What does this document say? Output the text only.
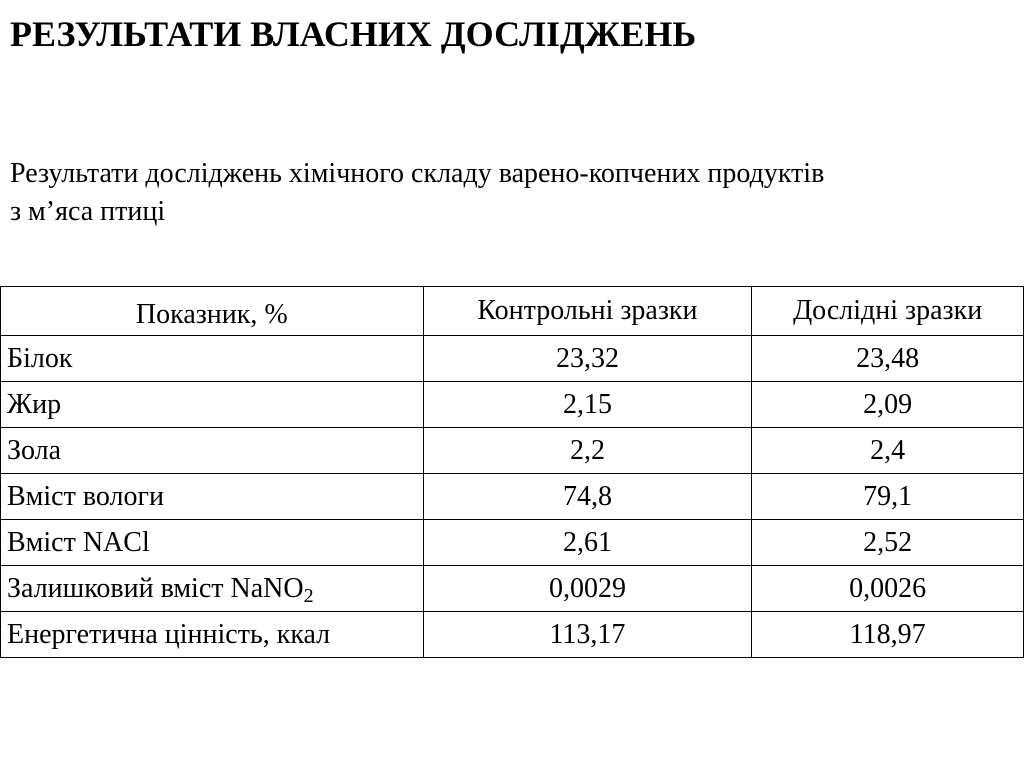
РЕЗУЛЬТАТИ ВЛАСНИХ ДОСЛІДЖЕНЬ

Результати досліджень хімічного складу варено-копчених продуктів
з м’яса птиці

Показник, %	Контрольні зразки	Дослідні зразки
Білок	23,32	23,48
Жир	2,15	2,09
Зола	2,2	2,4
Вміст вологи	74,8	79,1
Вміст NACl	2,61	2,52
Залишковий вміст NaNO$_2$	0,0029	0,0026
Енергетична цінність, ккал	113,17	118,97
